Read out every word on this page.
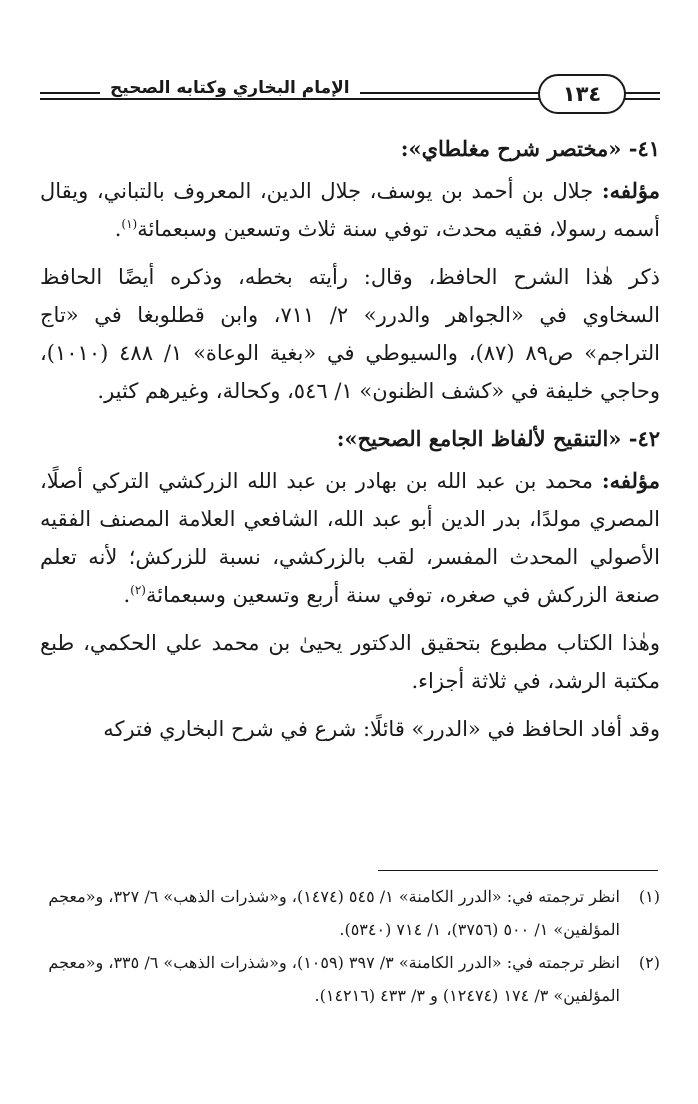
الإمام البخاري وكتابه الصحيح	١٣٤

٤١- «مختصر شرح مغلطاي»:

مؤلفه: جلال بن أحمد بن يوسف، جلال الدين، المعروف بالتباني، ويقال أسمه رسولا، فقيه محدث، توفي سنة ثلاث وتسعين وسبعمائة$^{(١)}$.

ذكر هٰذا الشرح الحافظ، وقال: رأيته بخطه، وذكره أيضًا الحافظ السخاوي في «الجواهر والدرر» ٢/ ٧١١، وابن قطلوبغا في «تاج التراجم» ص٨٩ (٨٧)، والسيوطي في «بغية الوعاة» ١/ ٤٨٨ (١٠١٠)، وحاجي خليفة في «كشف الظنون» ١/ ٥٤٦، وكحالة، وغيرهم كثير.

٤٢- «التنقيح لألفاظ الجامع الصحيح»:

مؤلفه: محمد بن عبد الله بن بهادر بن عبد الله الزركشي التركي أصلًا، المصري مولدًا، بدر الدين أبو عبد الله، الشافعي العلامة المصنف الفقيه الأصولي المحدث المفسر، لقب بالزركشي، نسبة للزركش؛ لأنه تعلم صنعة الزركش في صغره، توفي سنة أربع وتسعين وسبعمائة$^{(٢)}$.

وهٰذا الكتاب مطبوع بتحقيق الدكتور يحيىٰ بن محمد علي الحكمي، طبع مكتبة الرشد، في ثلاثة أجزاء.

وقد أفاد الحافظ في «الدرر» قائلًا: شرع في شرح البخاري فتركه

(١)
انظر ترجمته في: «الدرر الكامنة» ١/ ٥٤٥ (١٤٧٤)، و«شذرات الذهب» ٦/ ٣٢٧، و«معجم المؤلفين» ١/ ٥٠٠ (٣٧٥٦)، ١/ ٧١٤ (٥٣٤٠).

(٢)
انظر ترجمته في: «الدرر الكامنة» ٣/ ٣٩٧ (١٠٥٩)، و«شذرات الذهب» ٦/ ٣٣٥، و«معجم المؤلفين» ٣/ ١٧٤ (١٢٤٧٤) و ٣/ ٤٣٣ (١٤٢١٦).
